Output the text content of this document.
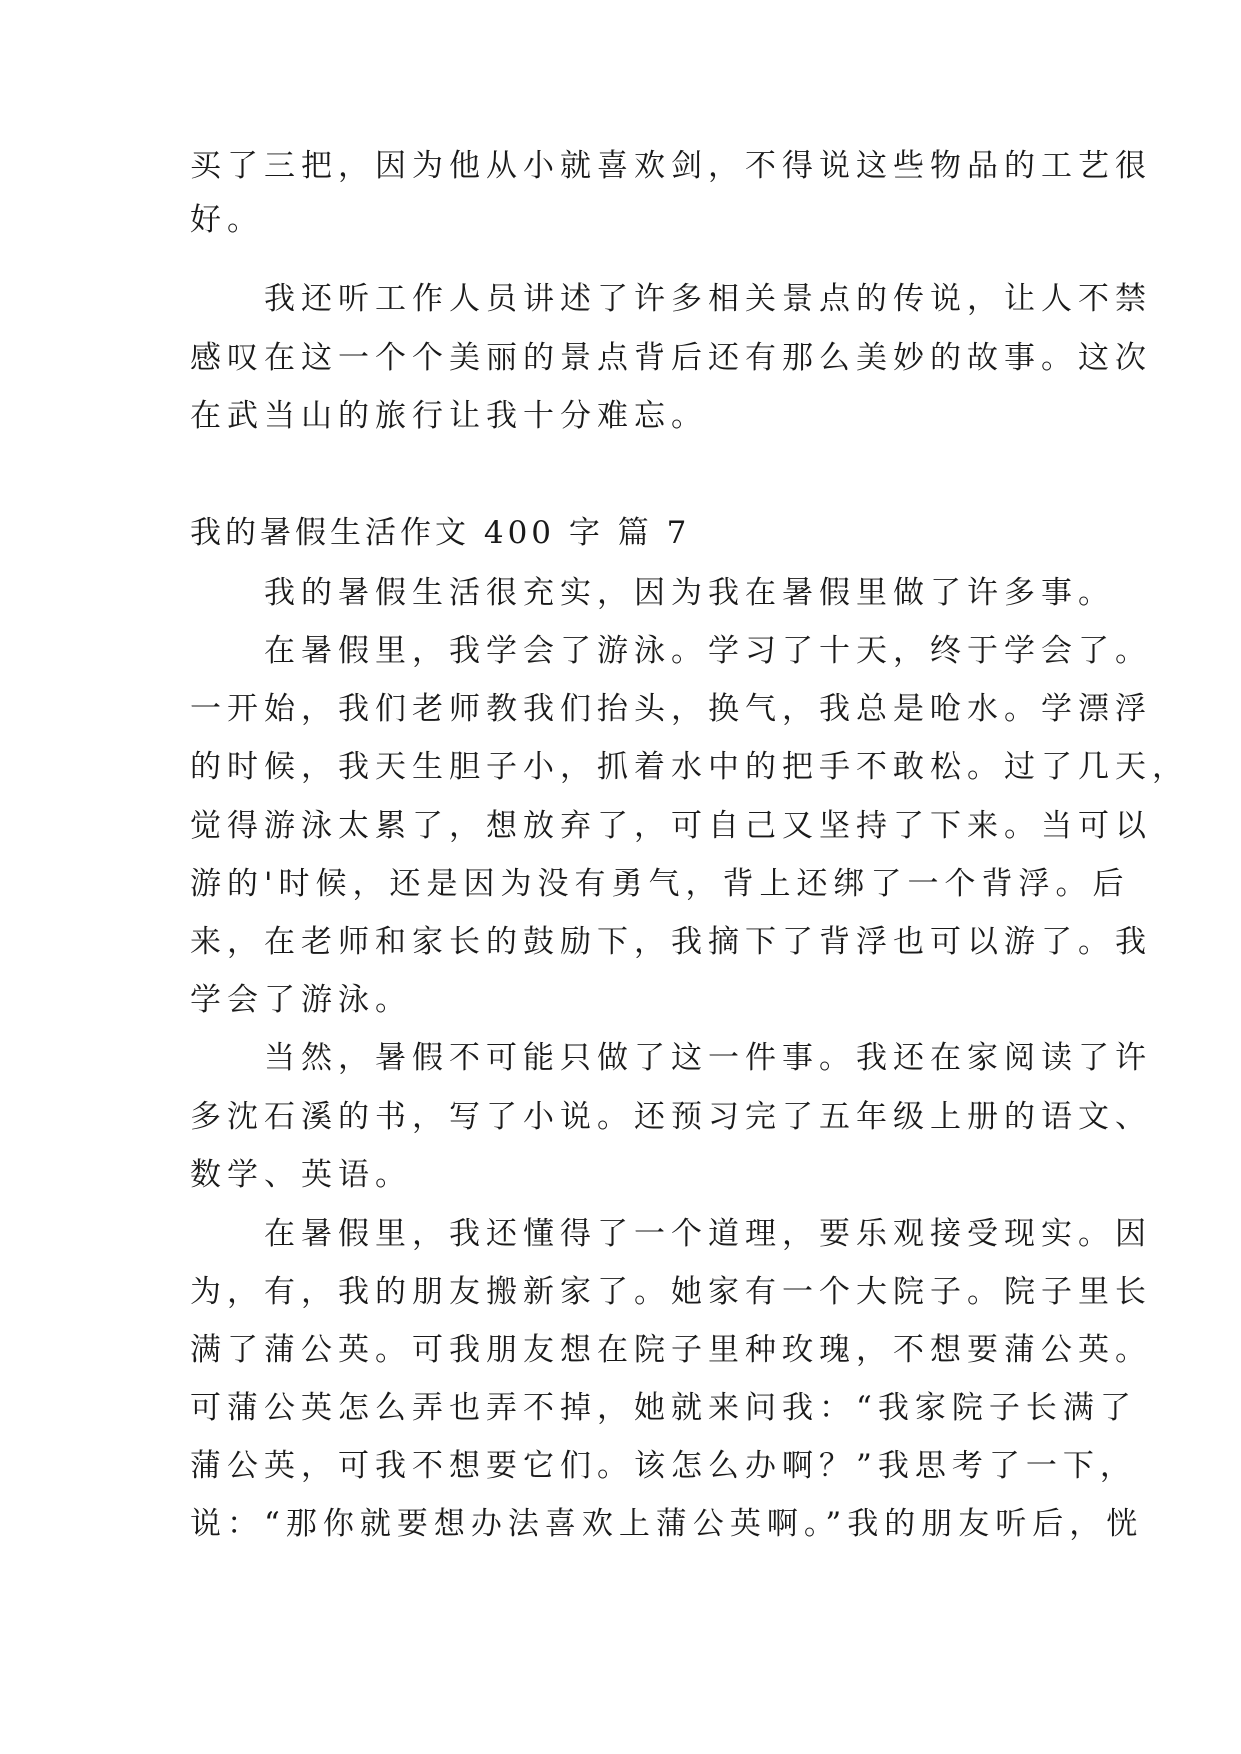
买了三把，因为他从小就喜欢剑，不得说这些物品的工艺很
好。
　　我还听工作人员讲述了许多相关景点的传说，让人不禁
感叹在这一个个美丽的景点背后还有那么美妙的故事。这次
在武当山的旅行让我十分难忘。
我的暑假生活作文 400 字 篇 7
　　我的暑假生活很充实，因为我在暑假里做了许多事。
　　在暑假里，我学会了游泳。学习了十天，终于学会了。
一开始，我们老师教我们抬头，换气，我总是呛水。学漂浮
的时候，我天生胆子小，抓着水中的把手不敢松。过了几天，
觉得游泳太累了，想放弃了，可自己又坚持了下来。当可以
游的'时候，还是因为没有勇气，背上还绑了一个背浮。后
来，在老师和家长的鼓励下，我摘下了背浮也可以游了。我
学会了游泳。
　　当然，暑假不可能只做了这一件事。我还在家阅读了许
多沈石溪的书，写了小说。还预习完了五年级上册的语文、
数学、英语。
　　在暑假里，我还懂得了一个道理，要乐观接受现实。因
为，有，我的朋友搬新家了。她家有一个大院子。院子里长
满了蒲公英。可我朋友想在院子里种玫瑰，不想要蒲公英。
可蒲公英怎么弄也弄不掉，她就来问我：“我家院子长满了
蒲公英，可我不想要它们。该怎么办啊？”我思考了一下，
说：“那你就要想办法喜欢上蒲公英啊。”我的朋友听后，恍
